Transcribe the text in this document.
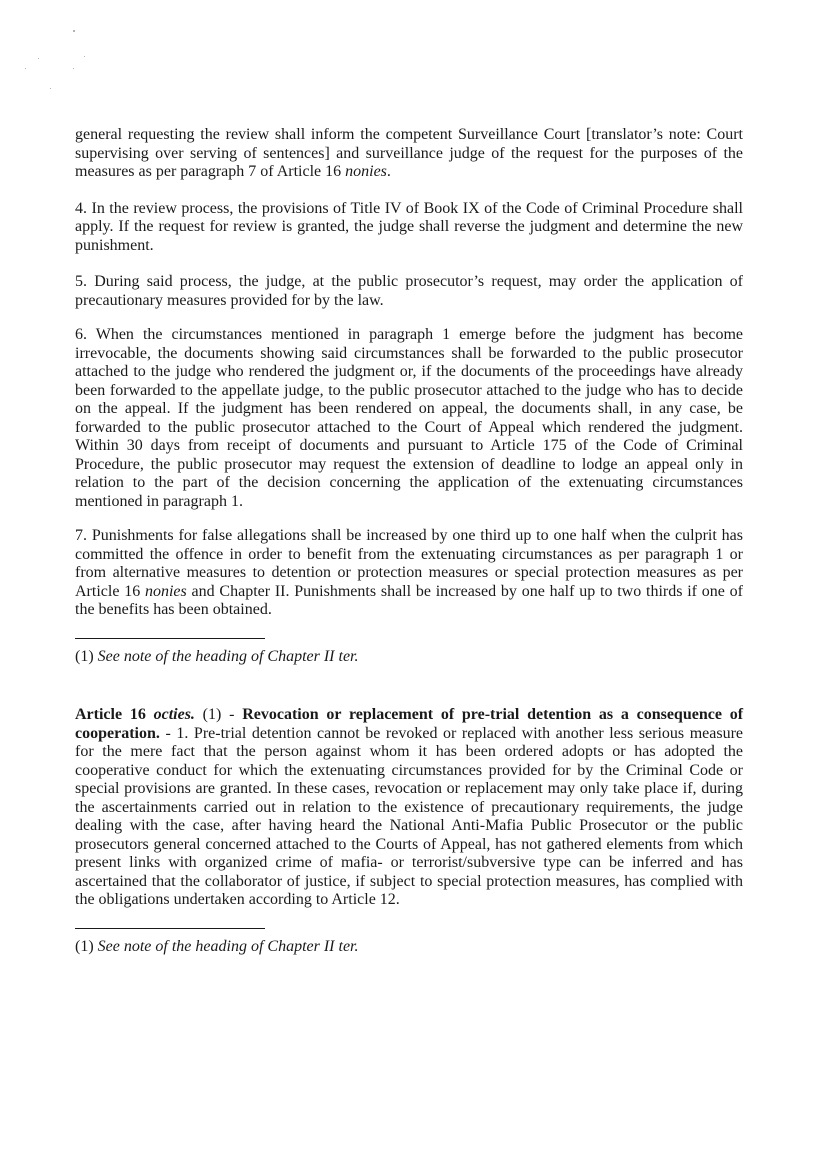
general requesting the review shall inform the competent Surveillance Court [translator’s note: Court supervising over serving of sentences] and surveillance judge of the request for the purposes of the measures as per paragraph 7 of Article 16 nonies.

4. In the review process, the provisions of Title IV of Book IX of the Code of Criminal Procedure shall apply. If the request for review is granted, the judge shall reverse the judgment and determine the new punishment.

5. During said process, the judge, at the public prosecutor’s request, may order the application of precautionary measures provided for by the law.

6. When the circumstances mentioned in paragraph 1 emerge before the judgment has become irrevocable, the documents showing said circumstances shall be forwarded to the public prosecutor attached to the judge who rendered the judgment or, if the documents of the proceedings have already been forwarded to the appellate judge, to the public prosecutor attached to the judge who has to decide on the appeal. If the judgment has been rendered on appeal, the documents shall, in any case, be forwarded to the public prosecutor attached to the Court of Appeal which rendered the judgment. Within 30 days from receipt of documents and pursuant to Article 175 of the Code of Criminal Procedure, the public prosecutor may request the extension of deadline to lodge an appeal only in relation to the part of the decision concerning the application of the extenuating circumstances mentioned in paragraph 1.

7. Punishments for false allegations shall be increased by one third up to one half when the culprit has committed the offence in order to benefit from the extenuating circumstances as per paragraph 1 or from alternative measures to detention or protection measures or special protection measures as per Article 16 nonies and Chapter II. Punishments shall be increased by one half up to two thirds if one of the benefits has been obtained.

(1) See note of the heading of Chapter II ter.

Article 16 octies. (1) - Revocation or replacement of pre-trial detention as a consequence of cooperation. - 1. Pre-trial detention cannot be revoked or replaced with another less serious measure for the mere fact that the person against whom it has been ordered adopts or has adopted the cooperative conduct for which the extenuating circumstances provided for by the Criminal Code or special provisions are granted. In these cases, revocation or replacement may only take place if, during the ascertainments carried out in relation to the existence of precautionary requirements, the judge dealing with the case, after having heard the National Anti-Mafia Public Prosecutor or the public prosecutors general concerned attached to the Courts of Appeal, has not gathered elements from which present links with organized crime of mafia- or terrorist/subversive type can be inferred and has ascertained that the collaborator of justice, if subject to special protection measures, has complied with the obligations undertaken according to Article 12.

(1) See note of the heading of Chapter II ter.
